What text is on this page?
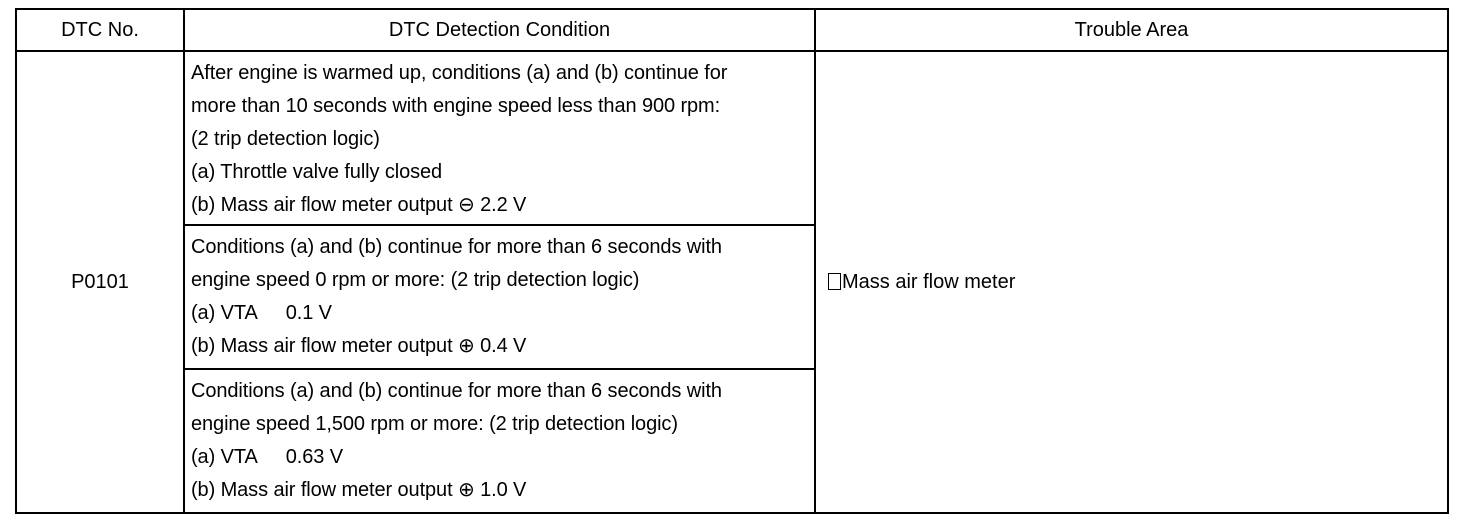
DTC No.	DTC Detection Condition	Trouble Area
P0101	After engine is warmed up, conditions (a) and (b) continue for
more than 10 seconds with engine speed less than 900 rpm:
(2 trip detection logic)
(a) Throttle valve fully closed
(b) Mass air flow meter output ⊖ 2.2 V	Mass air flow meter

	Conditions (a) and (b) continue for more than 6 seconds with
engine speed 0 rpm or more: (2 trip detection logic)
(a) VTA 0.1 V
(b) Mass air flow meter output ⊕ 0.4 V	

	Conditions (a) and (b) continue for more than 6 seconds with
engine speed 1,500 rpm or more: (2 trip detection logic)
(a) VTA 0.63 V
(b) Mass air flow meter output ⊕ 1.0 V	
